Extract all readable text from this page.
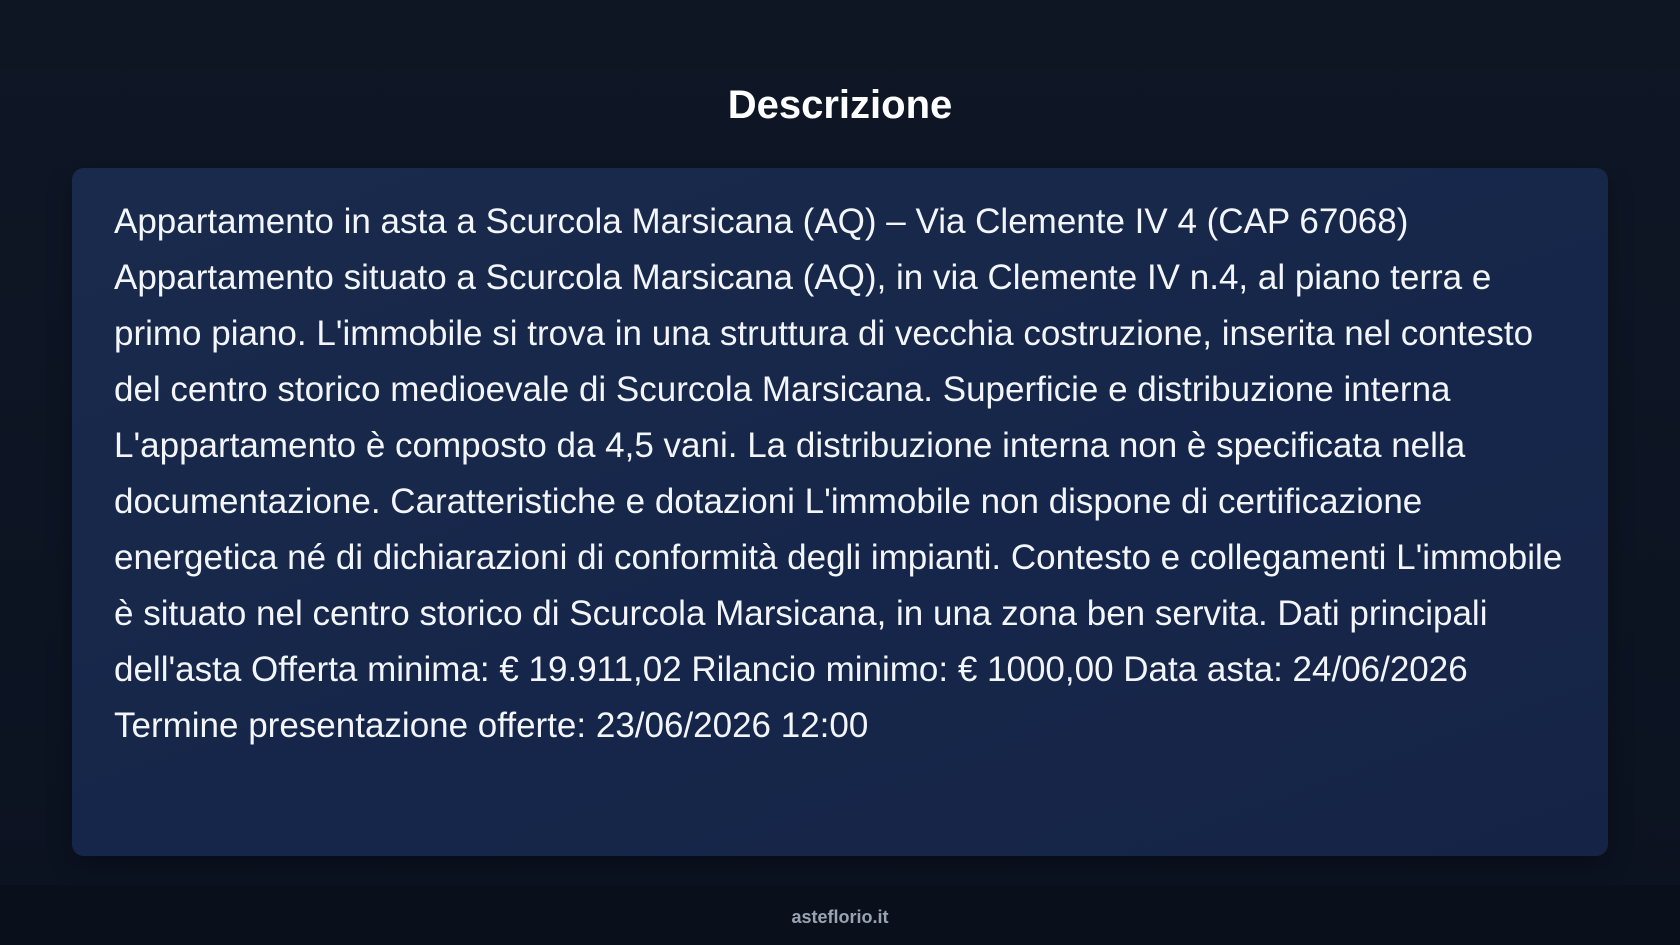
Descrizione

Appartamento in asta a Scurcola Marsicana (AQ) – Via Clemente IV 4 (CAP 67068) Appartamento situato a Scurcola Marsicana (AQ), in via Clemente IV n.4, al piano terra e primo piano. L'immobile si trova in una struttura di vecchia costruzione, inserita nel contesto del centro storico medioevale di Scurcola Marsicana. Superficie e distribuzione interna L'appartamento è composto da 4,5 vani. La distribuzione interna non è specificata nella documentazione. Caratteristiche e dotazioni L'immobile non dispone di certificazione energetica né di dichiarazioni di conformità degli impianti. Contesto e collegamenti L'immobile è situato nel centro storico di Scurcola Marsicana, in una zona ben servita. Dati principali dell'asta Offerta minima: € 19.911,02 Rilancio minimo: € 1000,00 Data asta: 24/06/2026 Termine presentazione offerte: 23/06/2026 12:00

asteflorio.it
